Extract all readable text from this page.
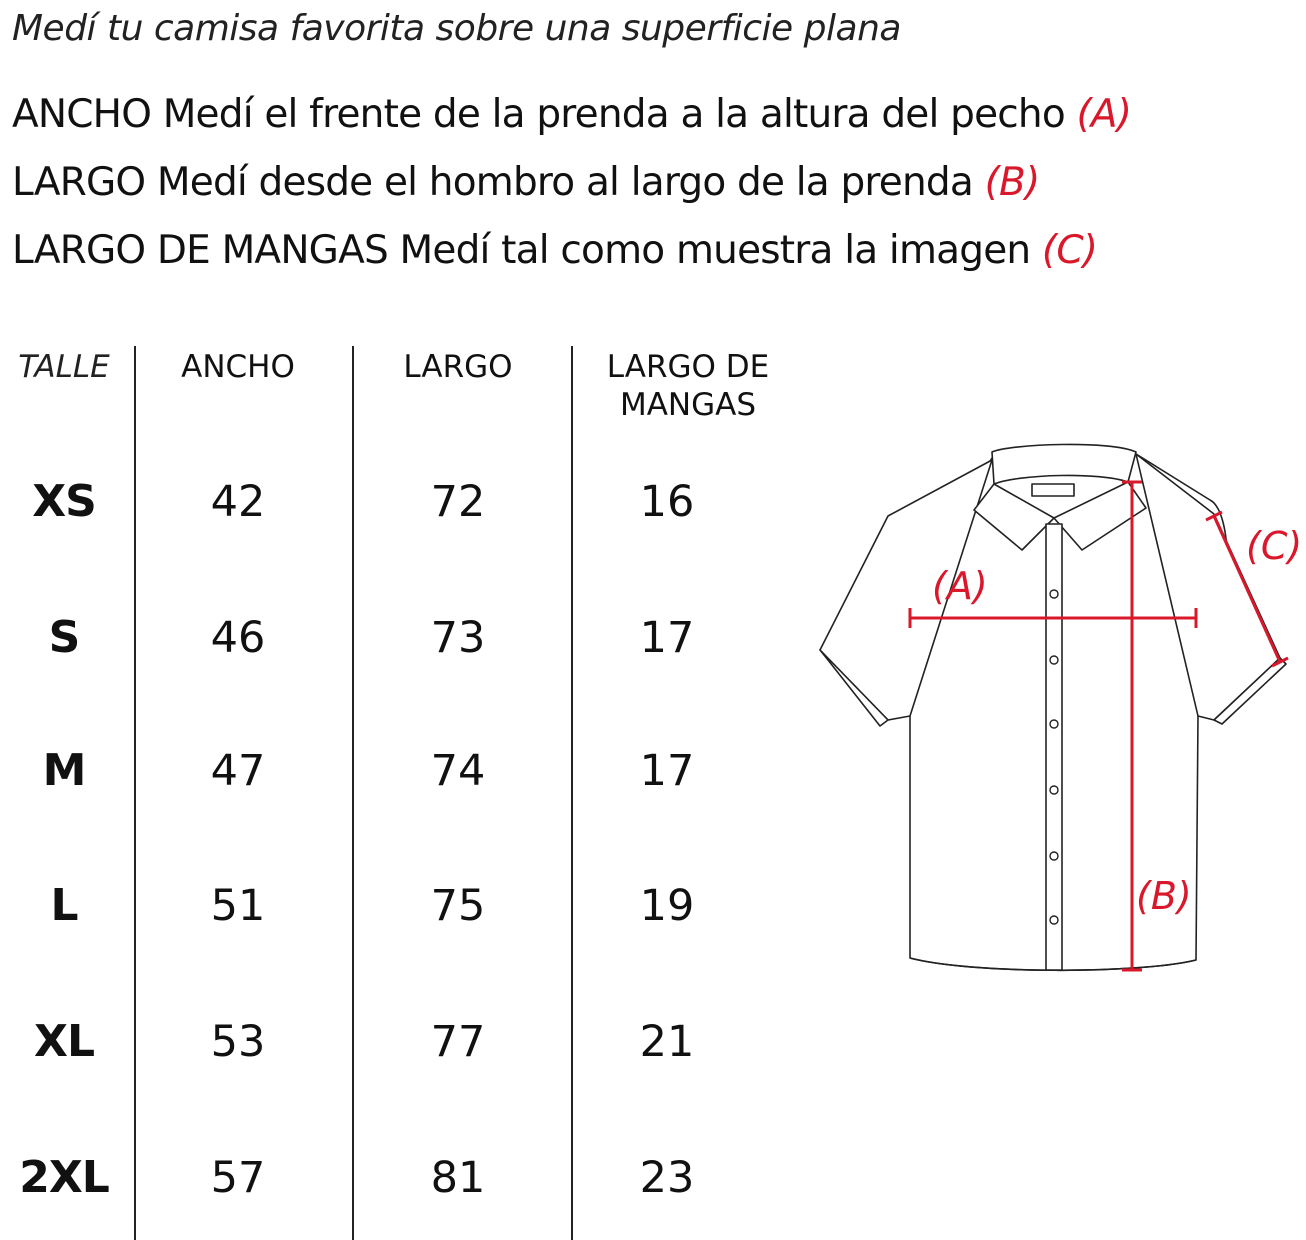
Medí tu camisa favorita sobre una superficie plana
ANCHO Medí el frente de la prenda a la altura del pecho (A)
LARGO Medí desde el hombro al largo de la prenda (B)
LARGO DE MANGAS Medí tal como muestra la imagen (C)
TALLE	ANCHO	LARGO	LARGO DE
MANGAS
XS	42	72	16
S	46	73	17
M	47	74	17
L	51	75	19
XL	53	77	21
2XL	57	81	23
(A)
(B)
(C)
